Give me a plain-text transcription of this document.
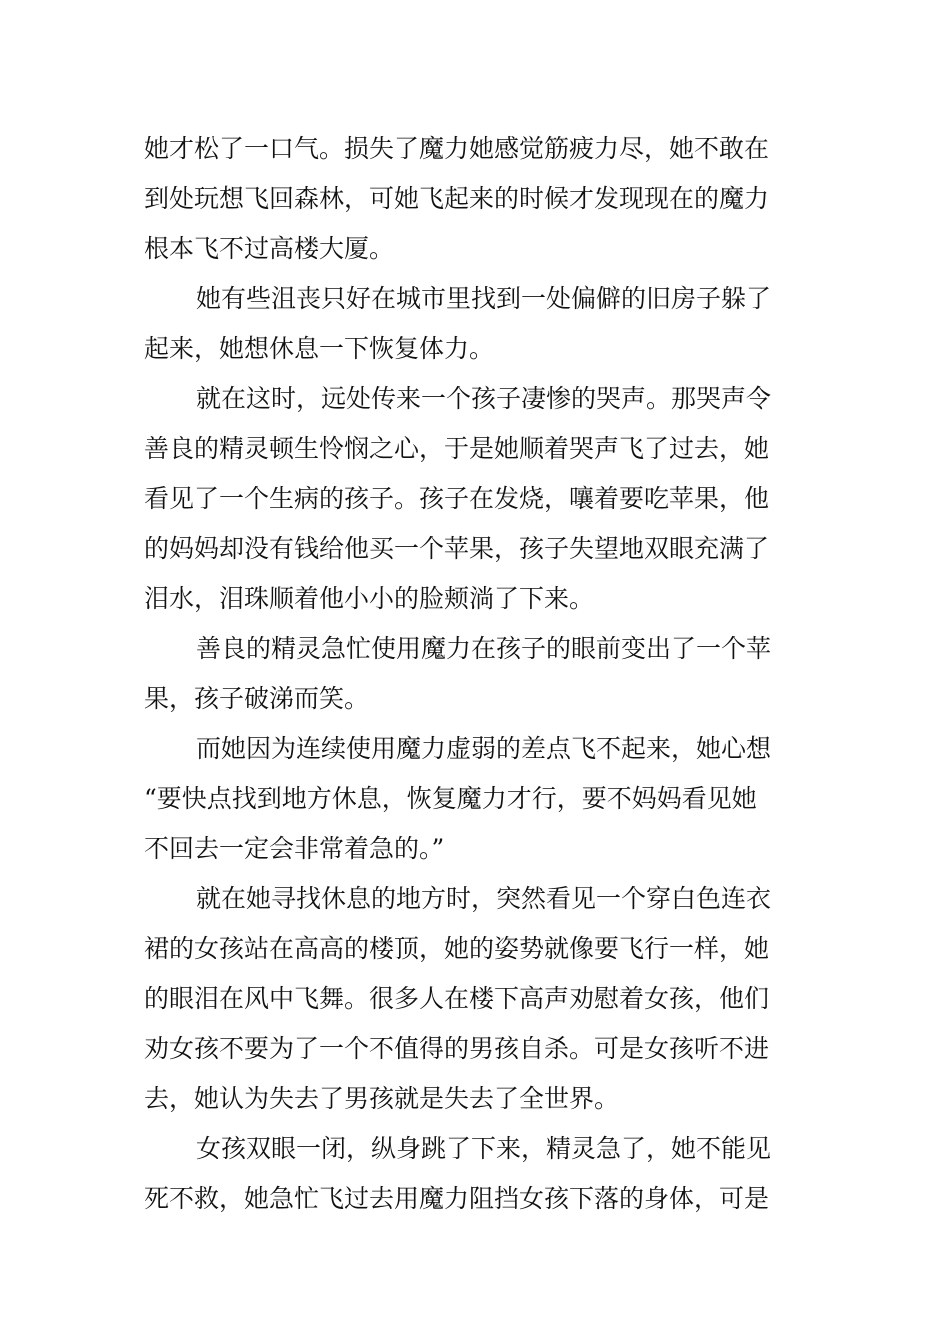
她才松了一口气。损失了魔力她感觉筋疲力尽，她不敢在
到处玩想飞回森林，可她飞起来的时候才发现现在的魔力
根本飞不过高楼大厦。
她有些沮丧只好在城市里找到一处偏僻的旧房子躲了
起来，她想休息一下恢复体力。
就在这时，远处传来一个孩子凄惨的哭声。那哭声令
善良的精灵顿生怜悯之心，于是她顺着哭声飞了过去，她
看见了一个生病的孩子。孩子在发烧，嚷着要吃苹果，他
的妈妈却没有钱给他买一个苹果，孩子失望地双眼充满了
泪水，泪珠顺着他小小的脸颊淌了下来。
善良的精灵急忙使用魔力在孩子的眼前变出了一个苹
果，孩子破涕而笑。
而她因为连续使用魔力虚弱的差点飞不起来，她心想
“要快点找到地方休息，恢复魔力才行，要不妈妈看见她
不回去一定会非常着急的。”
就在她寻找休息的地方时，突然看见一个穿白色连衣
裙的女孩站在高高的楼顶，她的姿势就像要飞行一样，她
的眼泪在风中飞舞。很多人在楼下高声劝慰着女孩，他们
劝女孩不要为了一个不值得的男孩自杀。可是女孩听不进
去，她认为失去了男孩就是失去了全世界。
女孩双眼一闭，纵身跳了下来，精灵急了，她不能见
死不救，她急忙飞过去用魔力阻挡女孩下落的身体，可是
